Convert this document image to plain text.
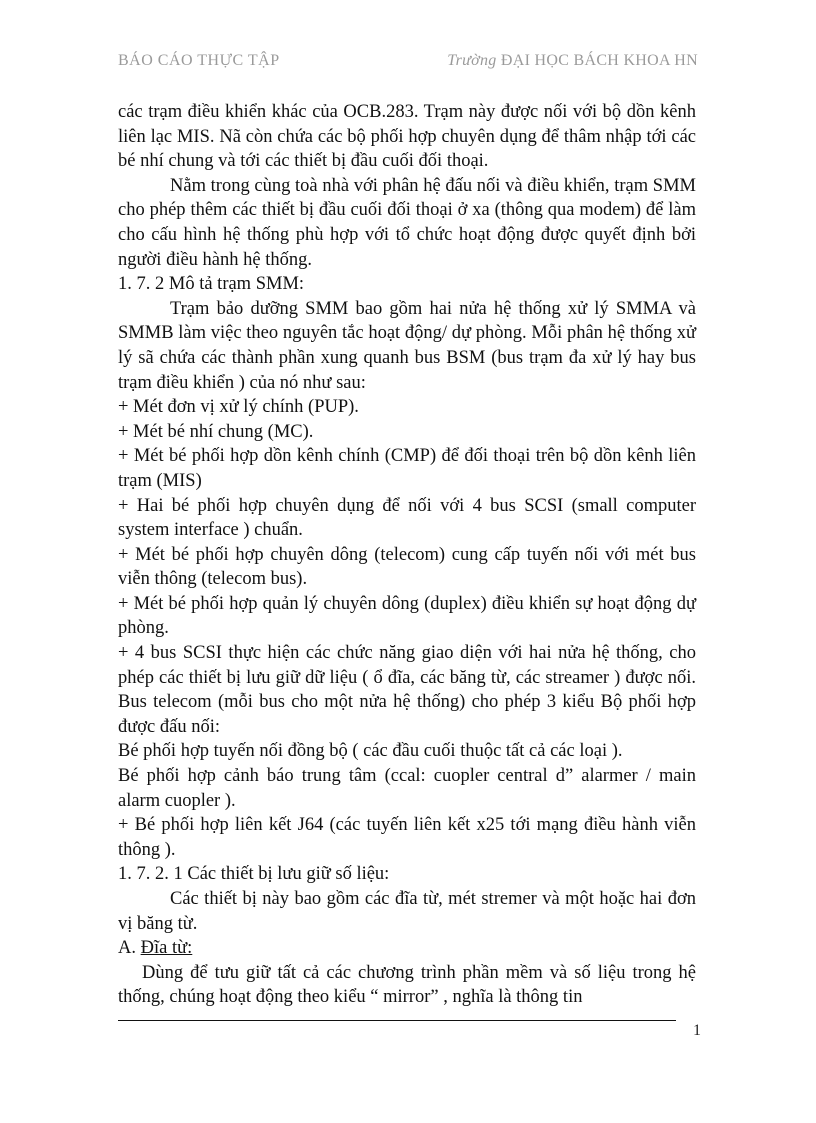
BÁO CÁO THỰC TẬP	Trường ĐẠI HỌC BÁCH KHOA HN

các trạm điều khiển khác của OCB.283. Trạm này được nối với bộ dồn kênh liên lạc MIS. Nã còn chứa các bộ phối hợp chuyên dụng để thâm nhập tới các bé nhí chung và tới các thiết bị đầu cuối đối thoại.

Nằm trong cùng toà nhà với phân hệ đấu nối và điều khiển, trạm SMM cho phép thêm các thiết bị đầu cuối đối thoại ở xa (thông qua modem) để làm cho cấu hình hệ thống phù hợp với tổ chức hoạt động được quyết định bởi người điều hành hệ thống.

1. 7. 2 Mô tả trạm SMM:

Trạm bảo dưỡng SMM bao gồm hai nửa hệ thống xử lý SMMA và SMMB làm việc theo nguyên tắc hoạt động/ dự phòng. Mỗi phân hệ thống xử lý sã chứa các thành phần xung quanh bus BSM (bus trạm đa xử lý hay bus trạm điều khiển ) của nó như sau:

+ Mét đơn vị xử lý chính (PUP).

+ Mét bé nhí chung (MC).

+ Mét bé phối hợp dồn kênh chính (CMP) để đối thoại trên bộ dồn kênh liên trạm (MIS)

+ Hai bé phối hợp chuyên dụng để nối với 4 bus SCSI (small computer system interface ) chuẩn.

+ Mét bé phối hợp chuyên dông (telecom) cung cấp tuyến nối với mét bus viễn thông (telecom bus).

+ Mét bé phối hợp quản lý chuyên dông (duplex) điều khiển sự hoạt động dự phòng.

+ 4 bus SCSI thực hiện các chức năng giao diện với hai nửa hệ thống, cho phép các thiết bị lưu giữ dữ liệu ( ổ đĩa, các băng từ, các streamer ) được nối. Bus telecom (mỗi bus cho một nửa hệ thống) cho phép 3 kiểu Bộ phối hợp được đấu nối:

Bé phối hợp tuyến nối đồng bộ ( các đầu cuối thuộc tất cả các loại ).

Bé phối hợp cảnh báo trung tâm (ccal: cuopler central d” alarmer / main alarm cuopler ).

+ Bé phối hợp liên kết J64 (các tuyến liên kết x25 tới mạng điều hành viễn thông ).

1. 7. 2. 1 Các thiết bị lưu giữ số liệu:

Các thiết bị này bao gồm các đĩa từ, mét stremer và một hoặc hai đơn vị băng từ.

A. Đĩa từ:

Dùng để tưu giữ tất cả các chương trình phần mềm và số liệu trong hệ thống, chúng hoạt động theo kiểu “ mirror” , nghĩa là thông tin

1
